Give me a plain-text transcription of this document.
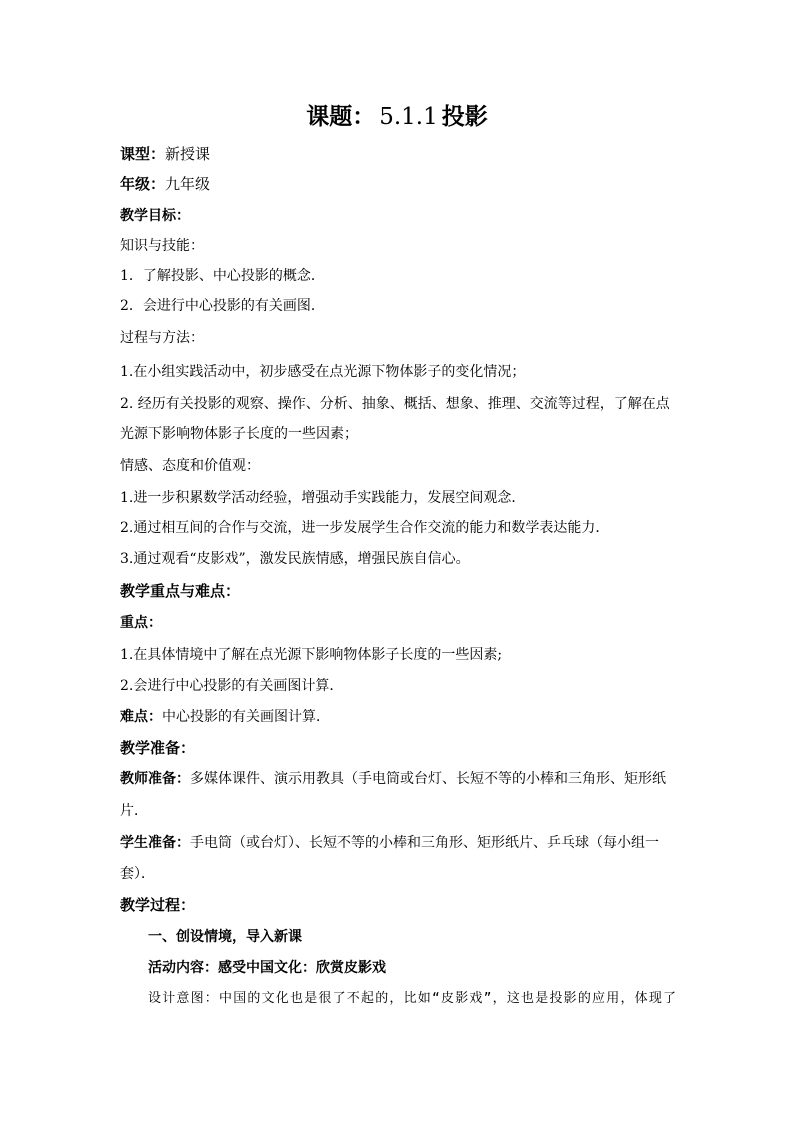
课题： 5.1.1 投影
课型：新授课
年级：九年级
教学目标：
知识与技能：
1．了解投影、中心投影的概念．
2．会进行中心投影的有关画图．
过程与方法：
1.在小组实践活动中，初步感受在点光源下物体影子的变化情况；
2. 经历有关投影的观察、操作、分析、抽象、概括、想象、推理、交流等过程，了解在点
光源下影响物体影子长度的一些因素；
情感、态度和价值观：
1.进一步积累数学活动经验，增强动手实践能力，发展空间观念．
2.通过相互间的合作与交流，进一步发展学生合作交流的能力和数学表达能力．
3.通过观看“皮影戏”，激发民族情感，增强民族自信心。
教学重点与难点：
重点：
1.在具体情境中了解在点光源下影响物体影子长度的一些因素;
2.会进行中心投影的有关画图计算．
难点：中心投影的有关画图计算．
教学准备：
教师准备：多媒体课件、演示用教具（手电筒或台灯、长短不等的小棒和三角形、矩形纸
片．
学生准备：手电筒（或台灯）、长短不等的小棒和三角形、矩形纸片、乒乓球（每小组一
套）．
教学过程：
一、创设情境，导入新课
活动内容：感受中国文化：欣赏皮影戏
设计意图：中国的文化也是很了不起的，比如“皮影戏”，这也是投影的应用，体现了
